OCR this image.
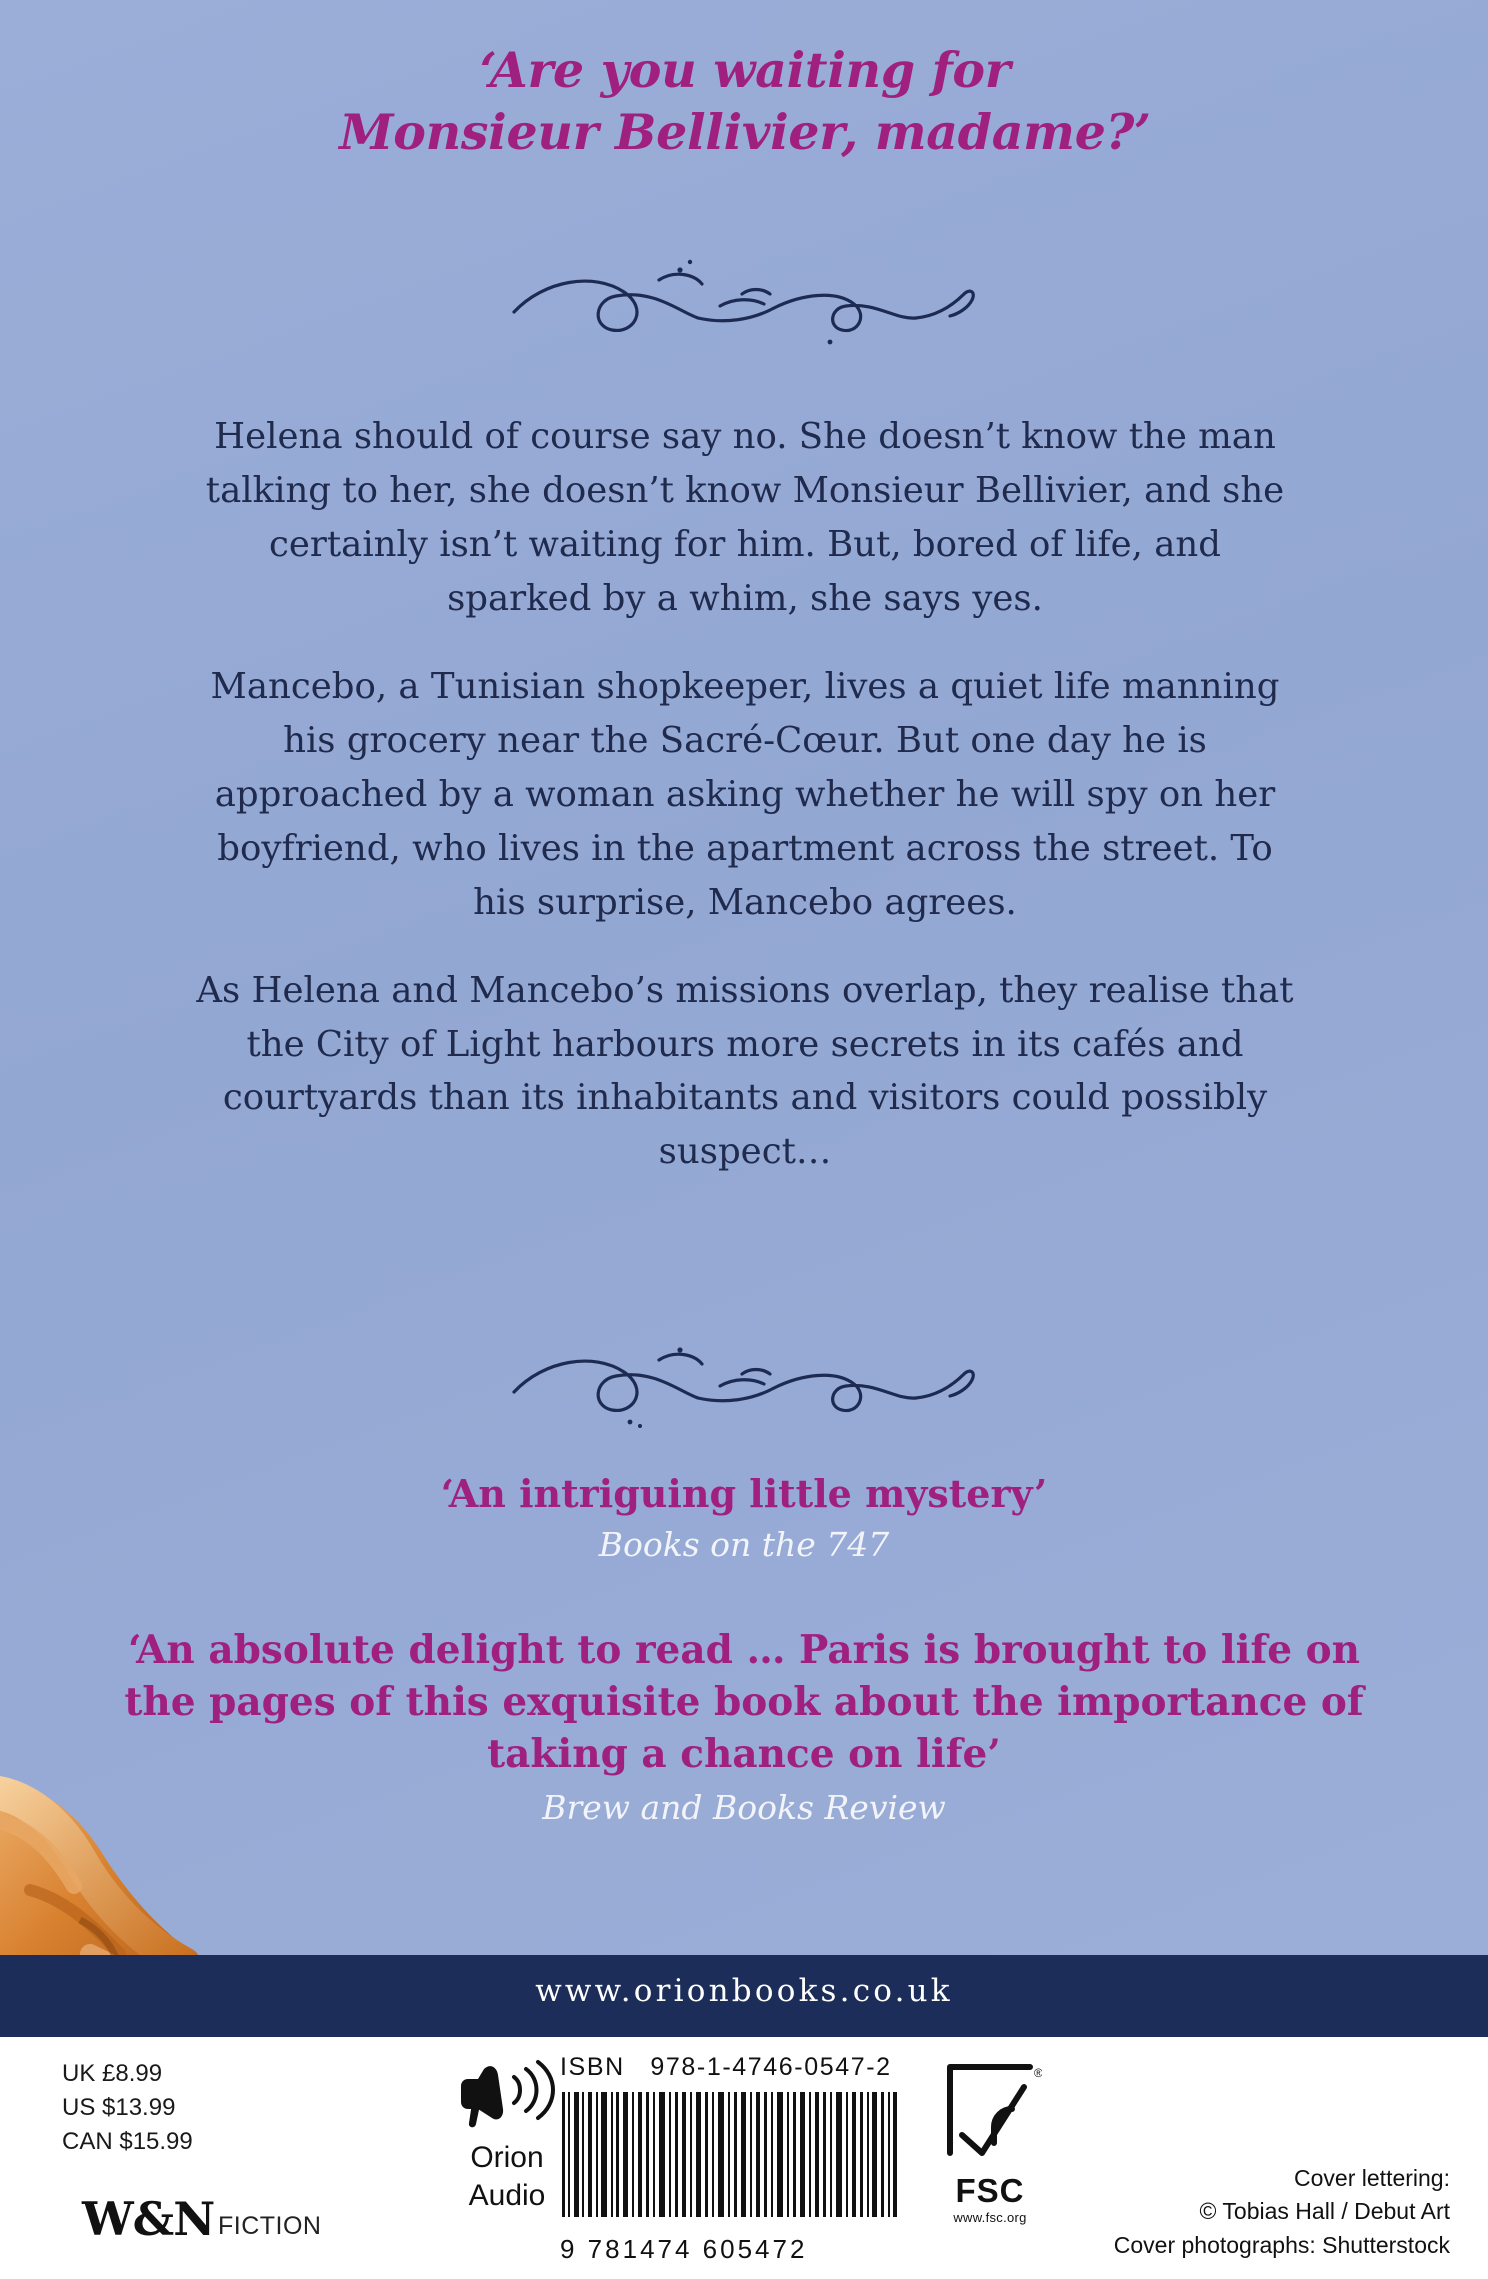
‘Are you waiting for
Monsieur Bellivier, madame?’

Helena should of course say no. She doesn’t know the man talking to her, she doesn’t know Monsieur Bellivier, and she certainly isn’t waiting for him. But, bored of life, and sparked by a whim, she says yes.

Mancebo, a Tunisian shopkeeper, lives a quiet life manning his grocery near the Sacré-Cœur. But one day he is approached by a woman asking whether he will spy on her boyfriend, who lives in the apartment across the street. To his surprise, Mancebo agrees.

As Helena and Mancebo’s missions overlap, they realise that the City of Light harbours more secrets in its cafés and courtyards than its inhabitants and visitors could possibly suspect…

‘An intriguing little mystery’
Books on the 747
‘An absolute delight to read … Paris is brought to life on the pages of this exquisite book about the importance of taking a chance on life’
Brew and Books Review
www.orionbooks.co.uk
UK £8.99
US $13.99
CAN $15.99
W&N FICTION
Orion
Audio
ISBN 978-1-4746-0547-2
9 781474 605472
®
FSC
www.fsc.org
Cover lettering:
© Tobias Hall / Debut Art
Cover photographs: Shutterstock
